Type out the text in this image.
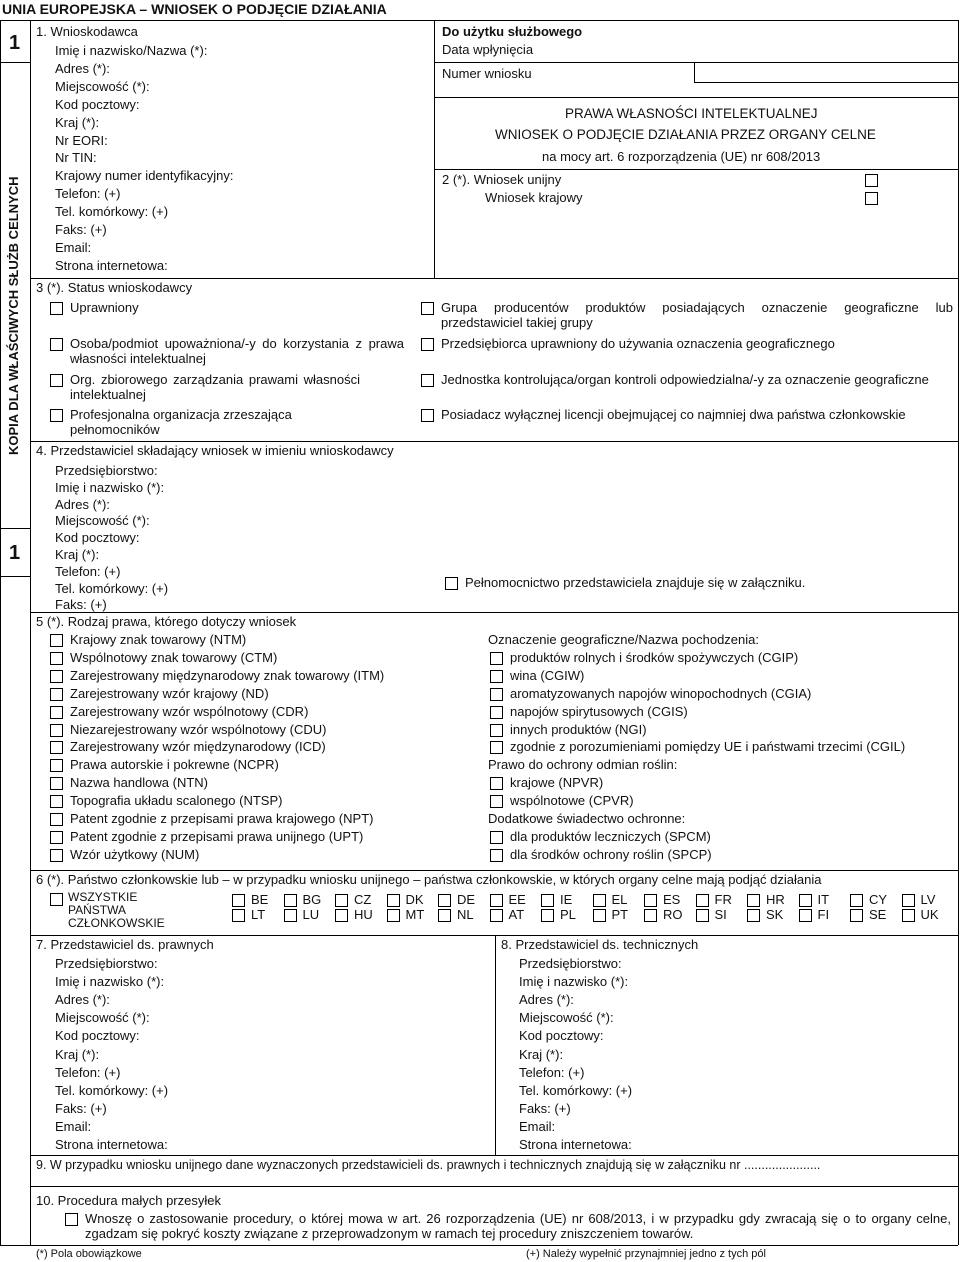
UNIA EUROPEJSKA – WNIOSEK O PODJĘCIE DZIAŁANIA
1
1
KOPIA DLA WŁAŚCIWYCH SŁUŻB CELNYCH
1. Wnioskodawca
Imię i nazwisko/Nazwa (*):
Adres (*):
Miejscowość (*):
Kod pocztowy:
Kraj (*):
Nr EORI:
Nr TIN:
Krajowy numer identyfikacyjny:
Telefon: (+)
Tel. komórkowy: (+)
Faks: (+)
Email:
Strona internetowa:
Do użytku służbowego
Data wpłynięcia
Numer wniosku
PRAWA WŁASNOŚCI INTELEKTUALNEJ
WNIOSEK O PODJĘCIE DZIAŁANIA PRZEZ ORGANY CELNE
na mocy art. 6 rozporządzenia (UE) nr 608/2013
2 (*). Wniosek unijny
Wniosek krajowy
3 (*). Status wnioskodawcy
Uprawniony
Osoba/podmiot upoważniona/-y do korzystania z prawa własności intelektualnej
Org. zbiorowego zarządzania prawami własności intelektualnej
Profesjonalna organizacja zrzeszająca pełnomocników
Grupa producentów produktów posiadających oznaczenie geograficzne lub przedstawiciel takiej grupy
Przedsiębiorca uprawniony do używania oznaczenia geograficznego
Jednostka kontrolująca/organ kontroli odpowiedzialna/-y za oznaczenie geograficzne
Posiadacz wyłącznej licencji obejmującej co najmniej dwa państwa członkowskie
4. Przedstawiciel składający wniosek w imieniu wnioskodawcy
Przedsiębiorstwo:
Imię i nazwisko (*):
Adres (*):
Miejscowość (*):
Kod pocztowy:
Kraj (*):
Telefon: (+)
Tel. komórkowy: (+)
Faks: (+)
Pełnomocnictwo przedstawiciela znajduje się w załączniku.
5 (*). Rodzaj prawa, którego dotyczy wniosek
Krajowy znak towarowy (NTM)
Wspólnotowy znak towarowy (CTM)
Zarejestrowany międzynarodowy znak towarowy (ITM)
Zarejestrowany wzór krajowy (ND)
Zarejestrowany wzór wspólnotowy (CDR)
Niezarejestrowany wzór wspólnotowy (CDU)
Zarejestrowany wzór międzynarodowy (ICD)
Prawa autorskie i pokrewne (NCPR)
Nazwa handlowa (NTN)
Topografia układu scalonego (NTSP)
Patent zgodnie z przepisami prawa krajowego (NPT)
Patent zgodnie z przepisami prawa unijnego (UPT)
Wzór użytkowy (NUM)
Oznaczenie geograficzne/Nazwa pochodzenia:
produktów rolnych i środków spożywczych (CGIP)
wina (CGIW)
aromatyzowanych napojów winopochodnych (CGIA)
napojów spirytusowych (CGIS)
innych produktów (NGI)
zgodnie z porozumieniami pomiędzy UE i państwami trzecimi (CGIL)
Prawo do ochrony odmian roślin:
krajowe (NPVR)
wspólnotowe (CPVR)
Dodatkowe świadectwo ochronne:
dla produktów leczniczych (SPCM)
dla środków ochrony roślin (SPCP)
6 (*). Państwo członkowskie lub – w przypadku wniosku unijnego – państwa członkowskie, w których organy celne mają podjąć działania
WSZYSTKIE PAŃSTWA CZŁONKOWSKIE
BE	BG	CZ	DK	DE	EE	IE	EL	ES	FR	HR	IT	CY	LV
LT	LU	HU	MT	NL	AT	PL	PT	RO SI	SK	FI	SE	UK
7. Przedstawiciel ds. prawnych	8. Przedstawiciel ds. technicznych
Przedsiębiorstwo:
Imię i nazwisko (*):
Adres (*):
Miejscowość (*):
Kod pocztowy:
Kraj (*):
Telefon: (+)
Tel. komórkowy: (+)
Faks: (+)
Email:
Strona internetowa:
Przedsiębiorstwo:
Imię i nazwisko (*):
Adres (*):
Miejscowość (*):
Kod pocztowy:
Kraj (*):
Telefon: (+)
Tel. komórkowy: (+)
Faks: (+)
Email:
Strona internetowa:
9. W przypadku wniosku unijnego dane wyznaczonych przedstawicieli ds. prawnych i technicznych znajdują się w załączniku nr ......................
10. Procedura małych przesyłek
Wnoszę o zastosowanie procedury, o której mowa w art. 26 rozporządzenia (UE) nr 608/2013, i w przypadku gdy zwracają się o to organy celne, zgadzam się pokryć koszty związane z przeprowadzonym w ramach tej procedury zniszczeniem towarów.
(*) Pola obowiązkowe	(+) Należy wypełnić przynajmniej jedno z tych pól
